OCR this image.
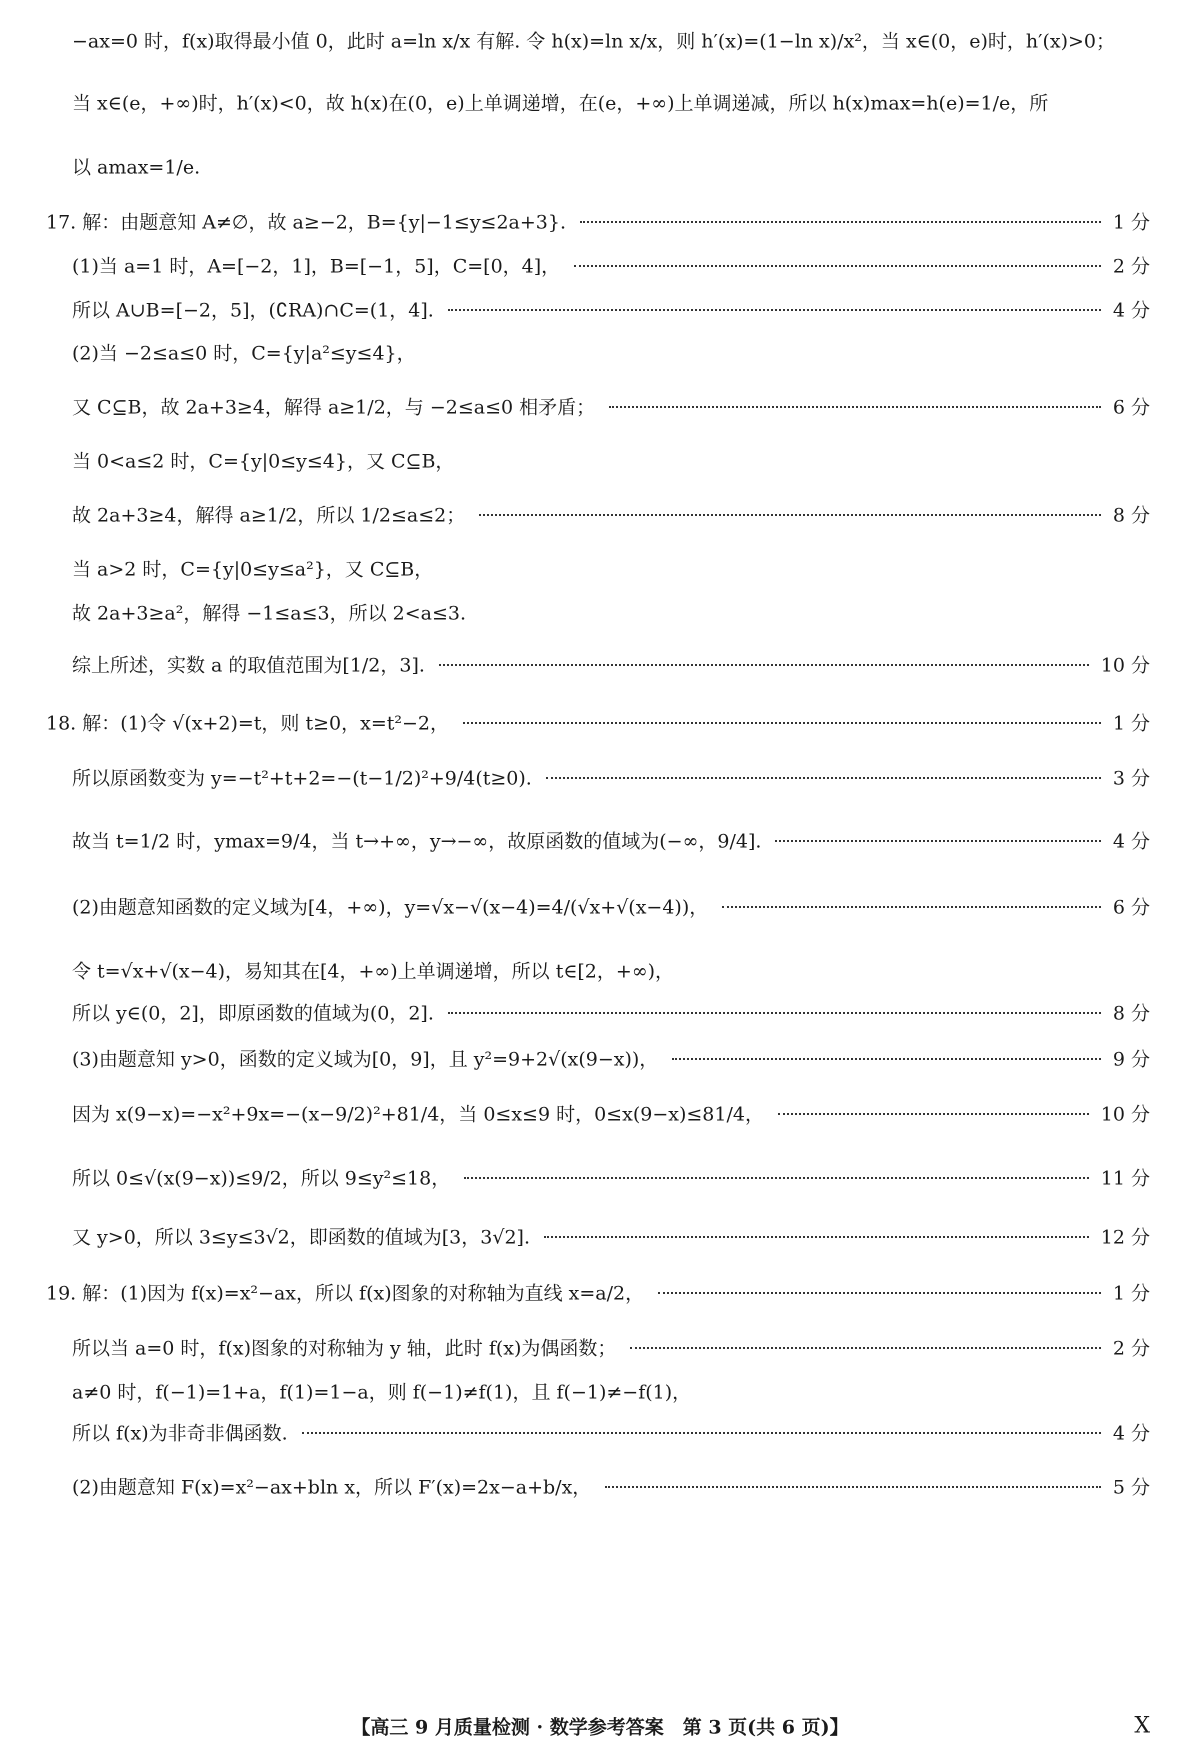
【高三 9 月质量检测 · 数学参考答案　第 3 页(共 6 页)】	X
−ax=0 时，f(x)取得最小值 0，此时 a=ln x/x 有解. 令 h(x)=ln x/x，则 h′(x)=(1−ln x)/x²，当 x∈(0，e)时，h′(x)>0；
当 x∈(e，+∞)时，h′(x)<0，故 h(x)在(0，e)上单调递增，在(e，+∞)上单调递减，所以 h(x)max=h(e)=1/e，所
以 amax=1/e.
17. 解：由题意知 A≠∅，故 a≥−2，B={y|−1≤y≤2a+3}.	1 分
(1)当 a=1 时，A=[−2，1]，B=[−1，5]，C=[0，4]，	2 分
所以 A∪B=[−2，5]，(∁RA)∩C=(1，4].	4 分
(2)当 −2≤a≤0 时，C={y|a²≤y≤4}，
又 C⊆B，故 2a+3≥4，解得 a≥1/2，与 −2≤a≤0 相矛盾；	6 分
当 0<a≤2 时，C={y|0≤y≤4}，又 C⊆B，
故 2a+3≥4，解得 a≥1/2，所以 1/2≤a≤2；	8 分
当 a>2 时，C={y|0≤y≤a²}，又 C⊆B，
故 2a+3≥a²，解得 −1≤a≤3，所以 2<a≤3.
综上所述，实数 a 的取值范围为[1/2，3].	10 分
18. 解：(1)令 √(x+2)=t，则 t≥0，x=t²−2，	1 分
所以原函数变为 y=−t²+t+2=−(t−1/2)²+9/4(t≥0).	3 分
故当 t=1/2 时，ymax=9/4，当 t→+∞，y→−∞，故原函数的值域为(−∞，9/4].	4 分
(2)由题意知函数的定义域为[4，+∞)，y=√x−√(x−4)=4/(√x+√(x−4))，	6 分
令 t=√x+√(x−4)，易知其在[4，+∞)上单调递增，所以 t∈[2，+∞)，
所以 y∈(0，2]，即原函数的值域为(0，2].	8 分
(3)由题意知 y>0，函数的定义域为[0，9]，且 y²=9+2√(x(9−x))，	9 分
因为 x(9−x)=−x²+9x=−(x−9/2)²+81/4，当 0≤x≤9 时，0≤x(9−x)≤81/4，	10 分
所以 0≤√(x(9−x))≤9/2，所以 9≤y²≤18，	11 分
又 y>0，所以 3≤y≤3√2，即函数的值域为[3，3√2].	12 分
19. 解：(1)因为 f(x)=x²−ax，所以 f(x)图象的对称轴为直线 x=a/2，	1 分
所以当 a=0 时，f(x)图象的对称轴为 y 轴，此时 f(x)为偶函数；	2 分
a≠0 时，f(−1)=1+a，f(1)=1−a，则 f(−1)≠f(1)，且 f(−1)≠−f(1)，
所以 f(x)为非奇非偶函数.	4 分
(2)由题意知 F(x)=x²−ax+bln x，所以 F′(x)=2x−a+b/x，	5 分
